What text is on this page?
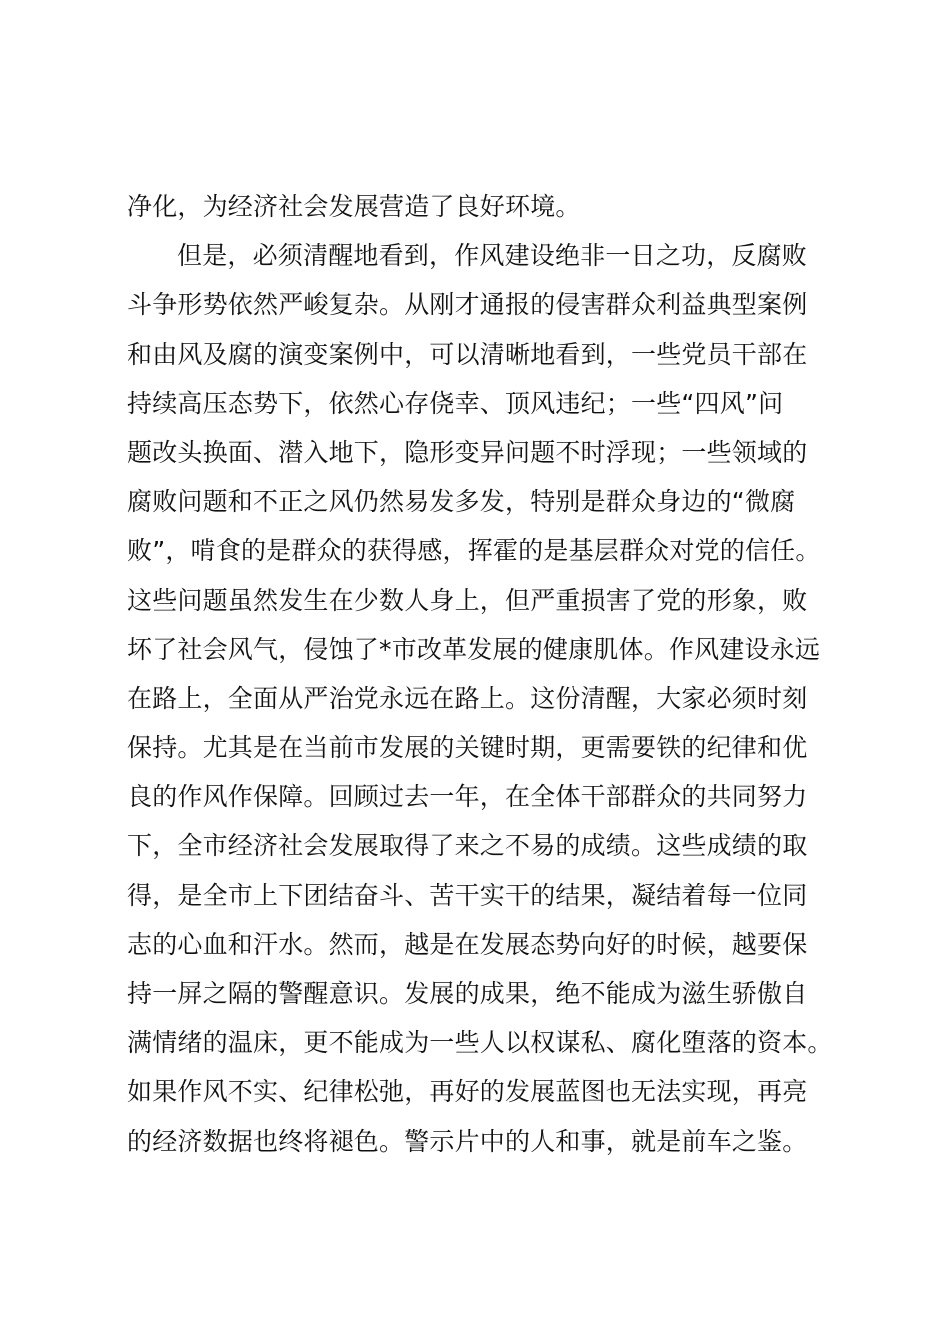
净化，为经济社会发展营造了良好环境。
但是，必须清醒地看到，作风建设绝非一日之功，反腐败
斗争形势依然严峻复杂。从刚才通报的侵害群众利益典型案例
和由风及腐的演变案例中，可以清晰地看到，一些党员干部在
持续高压态势下，依然心存侥幸、顶风违纪；一些“四风”问
题改头换面、潜入地下，隐形变异问题不时浮现；一些领域的
腐败问题和不正之风仍然易发多发，特别是群众身边的“微腐
败”，啃食的是群众的获得感，挥霍的是基层群众对党的信任。
这些问题虽然发生在少数人身上，但严重损害了党的形象，败
坏了社会风气，侵蚀了*市改革发展的健康肌体。作风建设永远
在路上，全面从严治党永远在路上。这份清醒，大家必须时刻
保持。尤其是在当前市发展的关键时期，更需要铁的纪律和优
良的作风作保障。回顾过去一年，在全体干部群众的共同努力
下，全市经济社会发展取得了来之不易的成绩。这些成绩的取
得，是全市上下团结奋斗、苦干实干的结果，凝结着每一位同
志的心血和汗水。然而，越是在发展态势向好的时候，越要保
持一屏之隔的警醒意识。发展的成果，绝不能成为滋生骄傲自
满情绪的温床，更不能成为一些人以权谋私、腐化堕落的资本。
如果作风不实、纪律松弛，再好的发展蓝图也无法实现，再亮
的经济数据也终将褪色。警示片中的人和事，就是前车之鉴。
